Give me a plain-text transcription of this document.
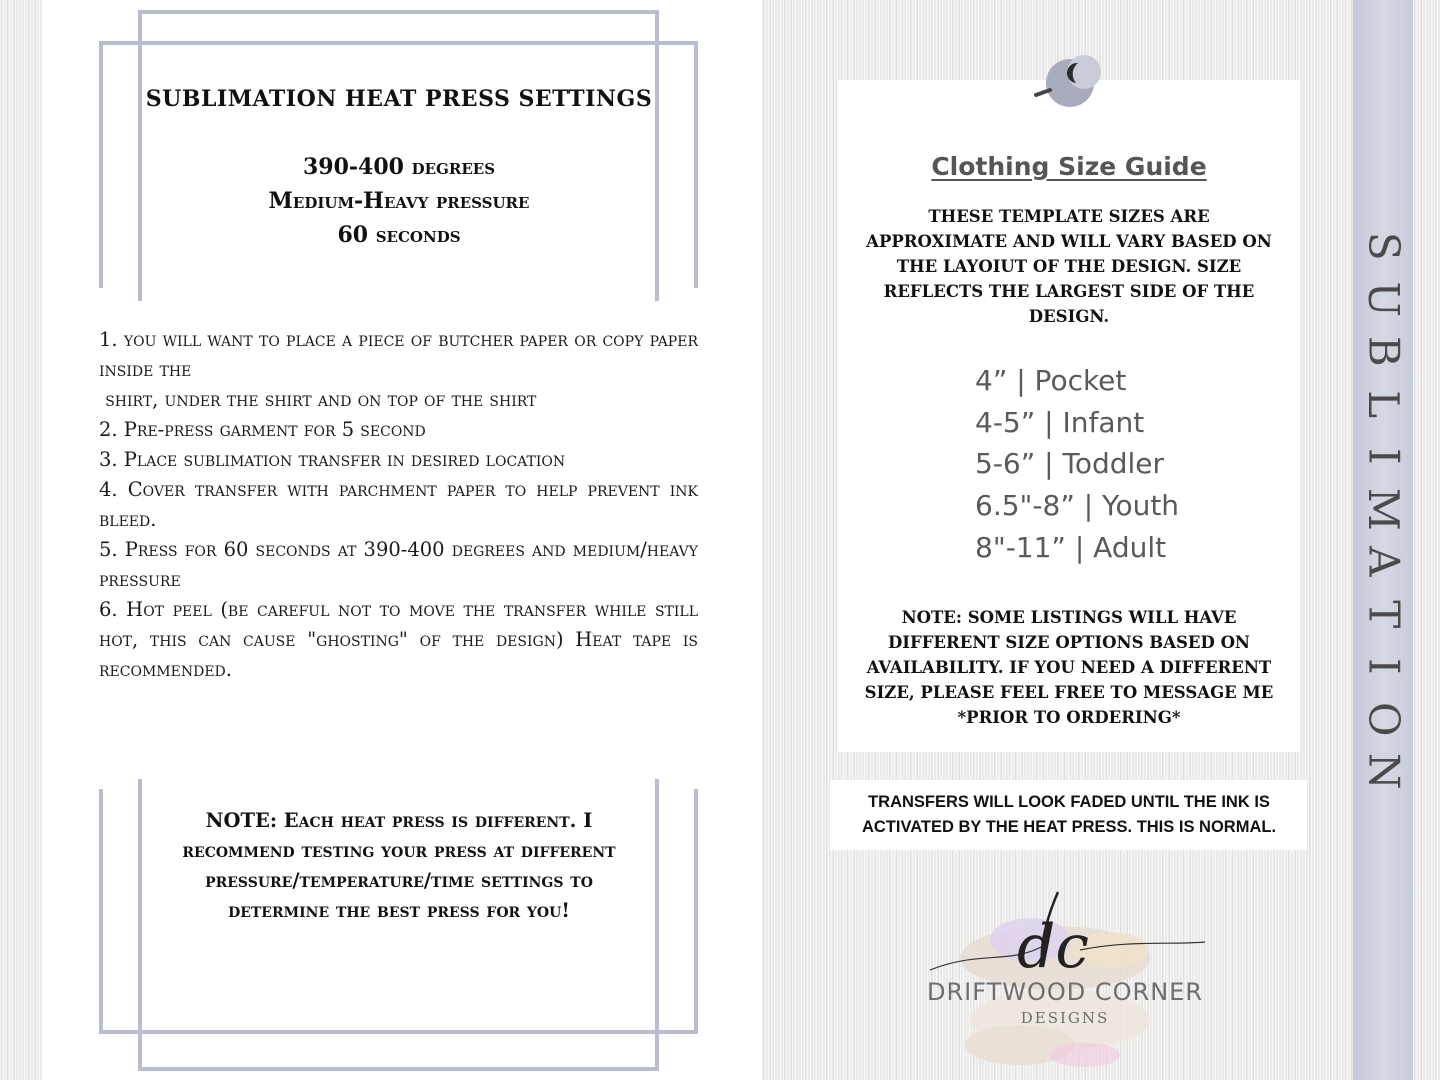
SUBLIMATION HEAT PRESS SETTINGS
390-400 degrees
Medium-Heavy pressure
60 seconds

1. you will want to place a piece of butcher paper or copy paper inside the

shirt, under the shirt and on top of the shirt

2. Pre-press garment for 5 second

3. Place sublimation transfer in desired location

4. Cover transfer with parchment paper to help prevent ink bleed.

5. Press for 60 seconds at 390-400 degrees and medium/heavy pressure

6. Hot peel (be careful not to move the transfer while still hot, this can cause "ghosting" of the design) Heat tape is recommended.

NOTE: Each heat press is different. I recommend testing your press at different pressure/temperature/time settings to determine the best press for you!
Clothing Size Guide
THESE TEMPLATE SIZES ARE APPROXIMATE AND WILL VARY BASED ON THE LAYOIUT OF THE DESIGN. SIZE REFLECTS THE LARGEST SIDE OF THE DESIGN.
4” | Pocket
4-5” | Infant
5-6” | Toddler
6.5"-8” | Youth
8"-11” | Adult
NOTE: SOME LISTINGS WILL HAVE DIFFERENT SIZE OPTIONS BASED ON AVAILABILITY. IF YOU NEED A DIFFERENT SIZE, PLEASE FEEL FREE TO MESSAGE ME *PRIOR TO ORDERING*
TRANSFERS WILL LOOK FADED UNTIL THE INK IS ACTIVATED BY THE HEAT PRESS. THIS IS NORMAL.
dc
DRIFTWOOD CORNER
DESIGNS
S
U
B
L
I
M
A
T
I
O
N
